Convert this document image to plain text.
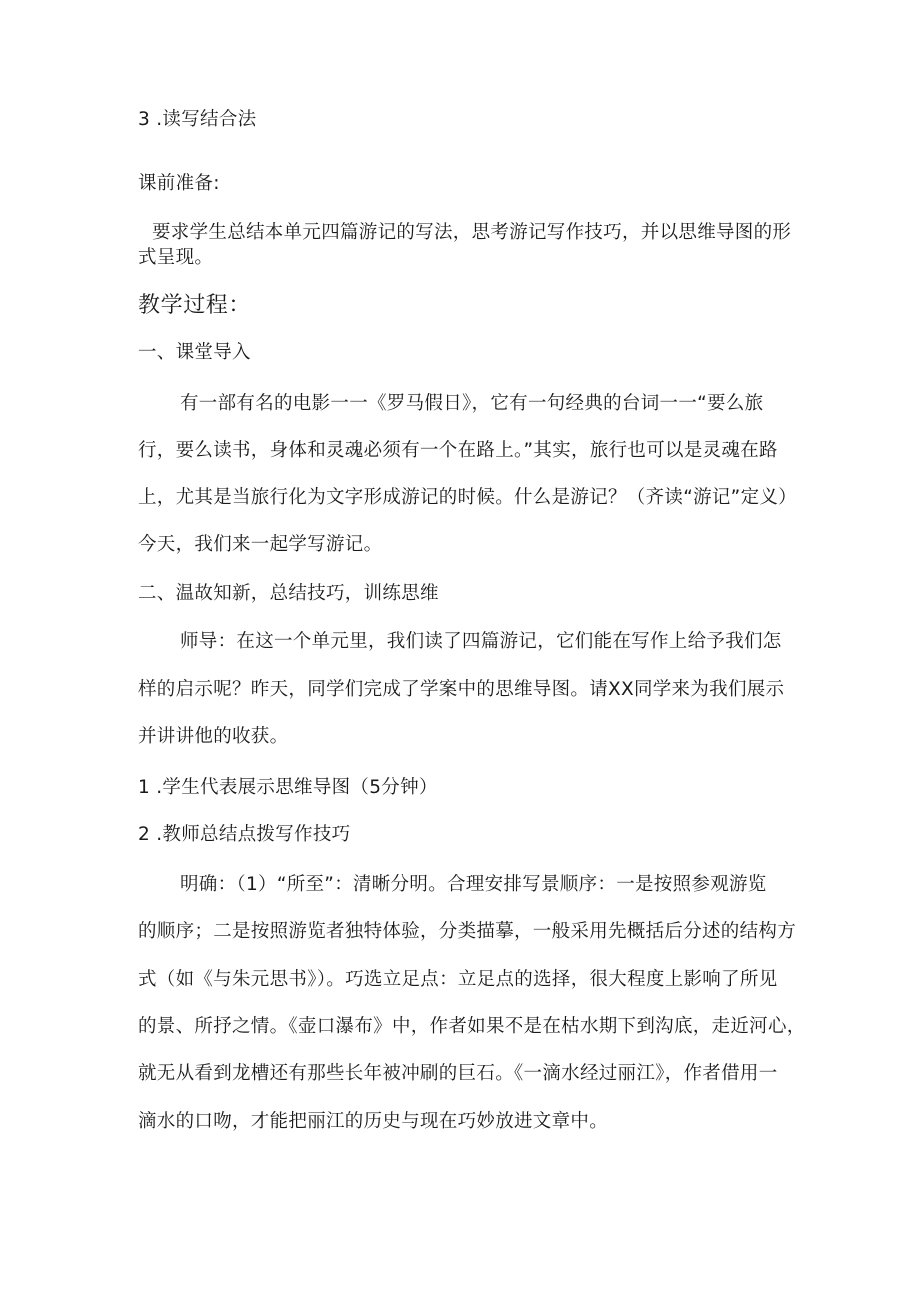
3 .读写结合法
课前准备:
要求学生总结本单元四篇游记的写法，思考游记写作技巧，并以思维导图的形
式呈现。
教学过程：
一、课堂导入
有一部有名的电影一一《罗马假日》，它有一句经典的台词一一“要么旅
行，要么读书，身体和灵魂必须有一个在路上。”其实，旅行也可以是灵魂在路
上，尤其是当旅行化为文字形成游记的时候。什么是游记？（齐读“游记”定义）
今天，我们来一起学写游记。
二、温故知新，总结技巧，训练思维
师导：在这一个单元里，我们读了四篇游记，它们能在写作上给予我们怎
样的启示呢？昨天，同学们完成了学案中的思维导图。请XX同学来为我们展示
并讲讲他的收获。
1 .学生代表展示思维导图（5分钟）
2 .教师总结点拨写作技巧
明确：（1）“所至”：清晰分明。合理安排写景顺序：一是按照参观游览
的顺序；二是按照游览者独特体验，分类描摹，一般采用先概括后分述的结构方
式（如《与朱元思书》）。巧选立足点：立足点的选择，很大程度上影响了所见
的景、所抒之情。《壶口瀑布》中，作者如果不是在枯水期下到沟底，走近河心，
就无从看到龙槽还有那些长年被冲刷的巨石。《一滴水经过丽江》，作者借用一
滴水的口吻，才能把丽江的历史与现在巧妙放进文章中。
